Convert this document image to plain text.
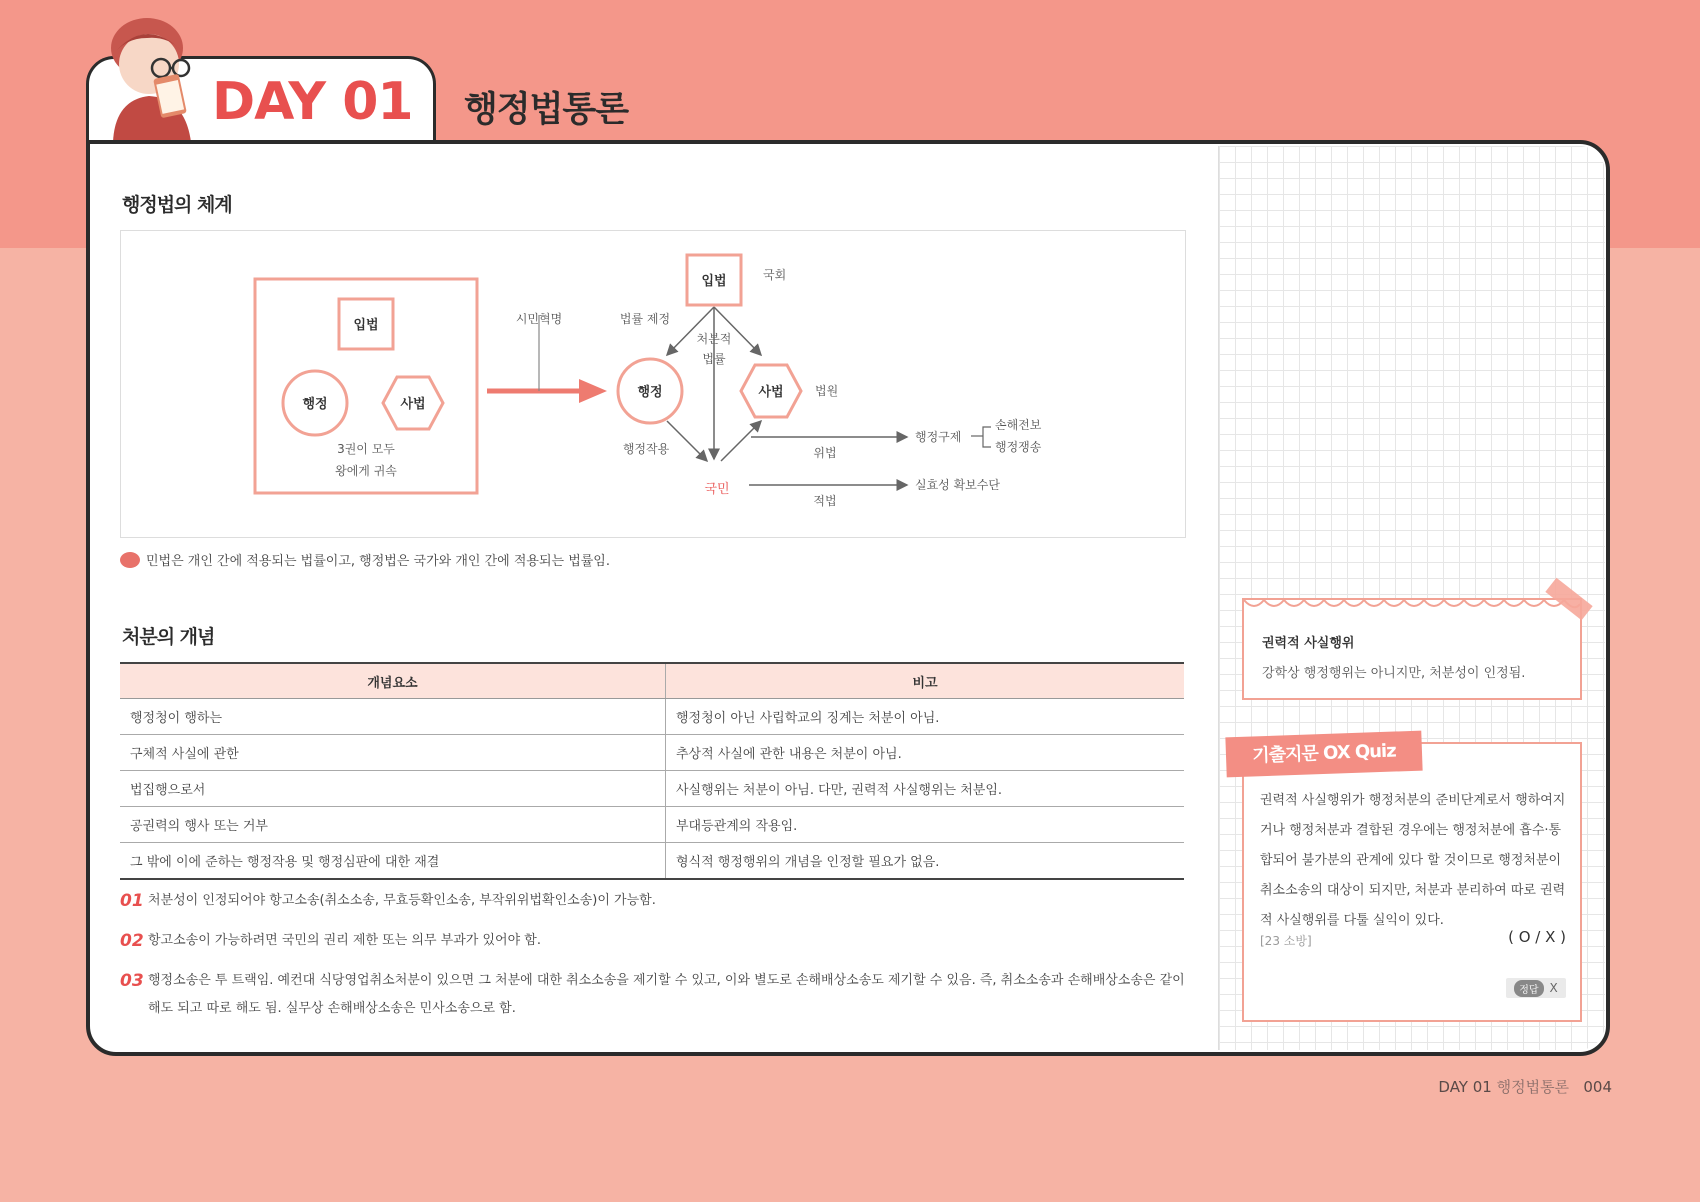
DAY 01 행정법통론
행정법의 체계
입법
행정	사법
3권이 모두
왕에게 귀속
시민혁명
입법	국회
행정	사법	법원
법률 제정
처분적
법률
행정작용
국민
위법
적법
행정구제
실효성 확보수단
손해전보
행정쟁송
민법은 개인 간에 적용되는 법률이고, 행정법은 국가와 개인 간에 적용되는 법률임.
처분의 개념
개념요소	비고
행정청이 행하는	행정청이 아닌 사립학교의 징계는 처분이 아님.
구체적 사실에 관한	추상적 사실에 관한 내용은 처분이 아님.
법집행으로서	사실행위는 처분이 아님. 다만, 권력적 사실행위는 처분임.
공권력의 행사 또는 거부	부대등관계의 작용임.
그 밖에 이에 준하는 행정작용 및 행정심판에 대한 재결	형식적 행정행위의 개념을 인정할 필요가 없음.
01 처분성이 인정되어야 항고소송(취소소송, 무효등확인소송, 부작위위법확인소송)이 가능함.
02 항고소송이 가능하려면 국민의 권리 제한 또는 의무 부과가 있어야 함.
03 행정소송은 투 트랙임. 예컨대 식당영업취소처분이 있으면 그 처분에 대한 취소소송을 제기할 수 있고, 이와 별도로 손해배상소송도 제기할 수 있음. 즉, 취소소송과 손해배상소송은 같이 해도 되고 따로 해도 됨. 실무상 손해배상소송은 민사소송으로 함.
권력적 사실행위
강학상 행정행위는 아니지만, 처분성이 인정됨.
권력적 사실행위가 행정처분의 준비단계로서 행하여지거나 행정처분과 결합된 경우에는 행정처분에 흡수·통합되어 불가분의 관계에 있다 할 것이므로 행정처분이 취소소송의 대상이 되지만, 처분과 분리하여 따로 권력적 사실행위를 다툴 실익이 있다.
[23 소방]	( O / X )
정답 X
기출지문 OX Quiz
DAY 01 행정법통론 004
